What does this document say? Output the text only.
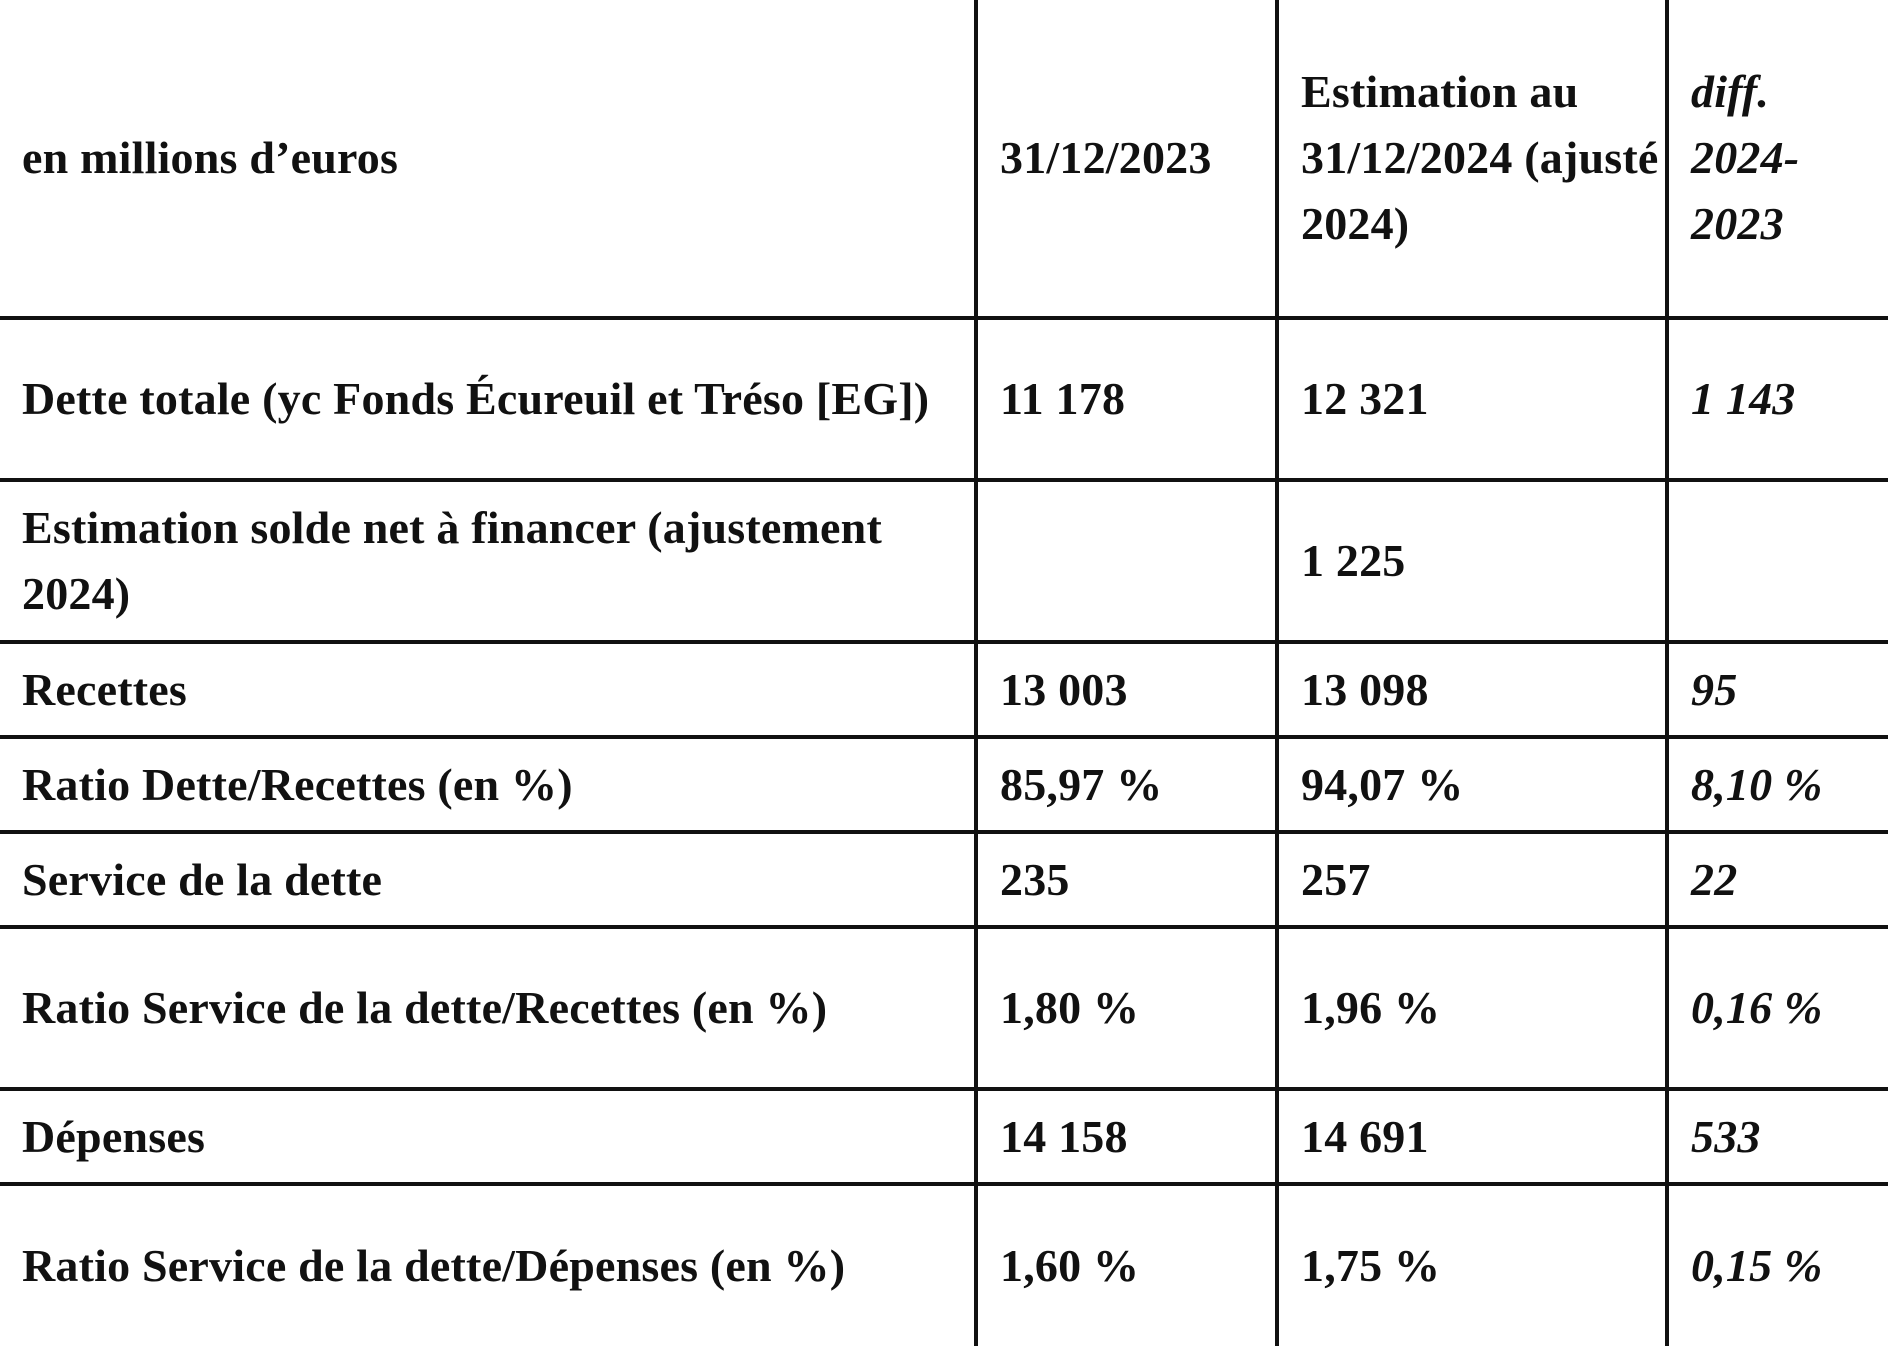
en millions d’euros	31/12/2023	Estimation au 31/12/2024 (ajusté 2024)	diff. 2024-2023
Dette totale (yc Fonds Écureuil et Tréso [EG])	11 178	12 321	1 143
Estimation solde net à financer (ajustement 2024)		1 225	
Recettes	13 003	13 098	95
Ratio Dette/Recettes (en %)	85,97 %	94,07 %	8,10 %
Service de la dette	235	257	22
Ratio Service de la dette/Recettes (en %)	1,80 %	1,96 %	0,16 %
Dépenses	14 158	14 691	533
Ratio Service de la dette/Dépenses (en %)	1,60 %	1,75 %	0,15 %
